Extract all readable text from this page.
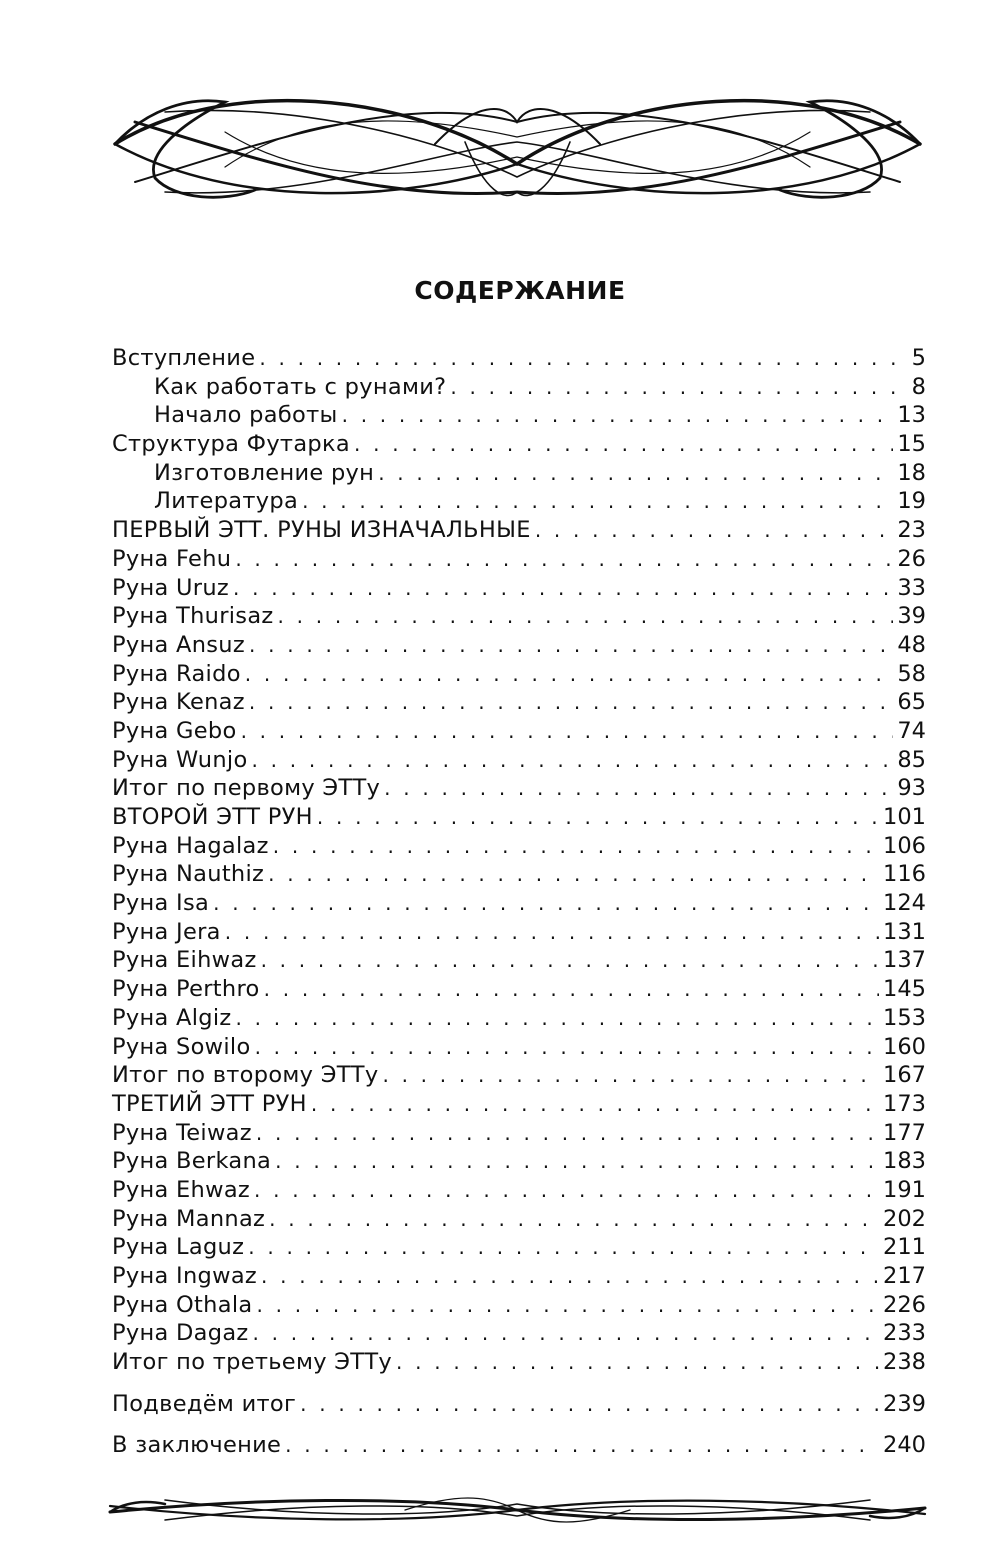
СОДЕРЖАНИЕ
Вступление . . .	5
Как работать с рунами? . . .	8
Начало работы . . .	13
Структура Футарка . . .	15
Изготовление рун . . .	18
Литература . . .	19
ПЕРВЫЙ ЭТТ. РУНЫ ИЗНАЧАЛЬНЫЕ . . .	23
Руна Fehu . . .	26
Руна Uruz . . .	33
Руна Thurisaz . . .	39
Руна Ansuz . . .	48
Руна Raido . . .	58
Руна Kenaz . . .	65
Руна Gebo . . .	74
Руна Wunjo . . .	85
Итог по первому ЭТТу . . .	93
ВТОРОЙ ЭТТ РУН . . .	101
Руна Hagalaz . . .	106
Руна Nauthiz . . .	116
Руна Isa . . .	124
Руна Jera . . .	131
Руна Eihwaz . . .	137
Руна Perthro . . .	145
Руна Algiz . . .	153
Руна Sowilo . . .	160
Итог по второму ЭТТу . . .	167
ТРЕТИЙ ЭТТ РУН . . .	173
Руна Teiwaz . . .	177
Руна Berkana . . .	183
Руна Ehwaz . . .	191
Руна Mannaz . . .	202
Руна Laguz . . .	211
Руна Ingwaz . . .	217
Руна Othala . . .	226
Руна Dagaz . . .	233
Итог по третьему ЭТТу . . .	238
Подведём итог . . .	239
В заключение . . .	240
